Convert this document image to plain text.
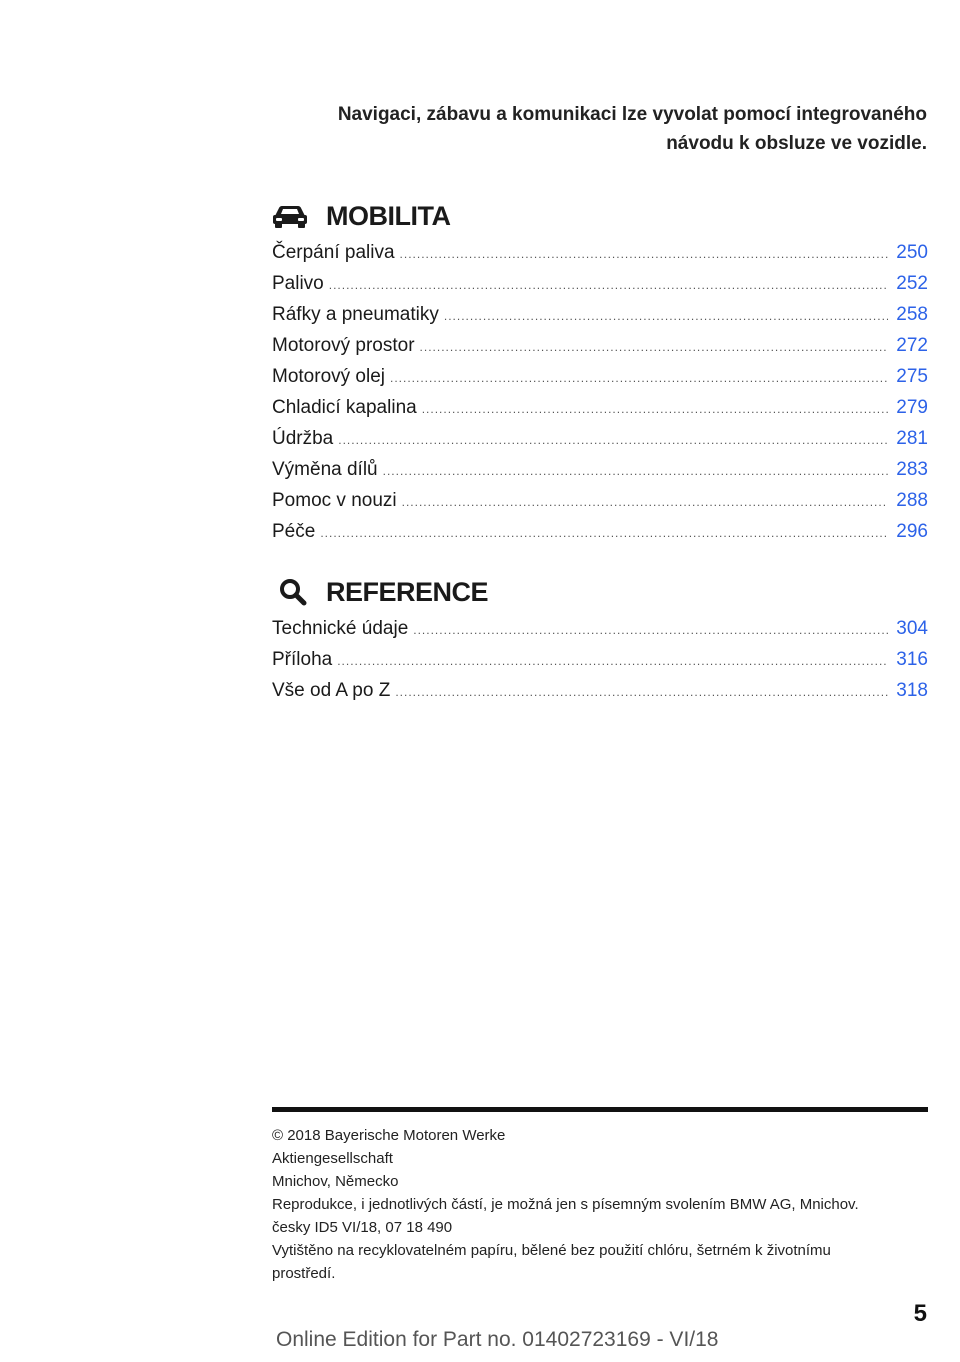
Navigaci, zábavu a komunikaci lze vyvolat pomocí integrovaného
návodu k obsluze ve vozidle.
MOBILITA
Čerpání paliva .....	250
Palivo .....	252
Ráfky a pneumatiky .....	258
Motorový prostor .....	272
Motorový olej .....	275
Chladicí kapalina .....	279
Údržba .....	281
Výměna dílů .....	283
Pomoc v nouzi .....	288
Péče .....	296
REFERENCE
Technické údaje .....	304
Příloha .....	316
Vše od A po Z .....	318
© 2018 Bayerische Motoren Werke
Aktiengesellschaft
Mnichov, Německo
Reprodukce, i jednotlivých částí, je možná jen s písemným svolením BMW AG, Mnichov.
česky ID5 VI/18, 07 18 490
Vytištěno na recyklovatelném papíru, bělené bez použití chlóru, šetrném k životnímu
prostředí.
5
Online Edition for Part no. 01402723169 - VI/18
